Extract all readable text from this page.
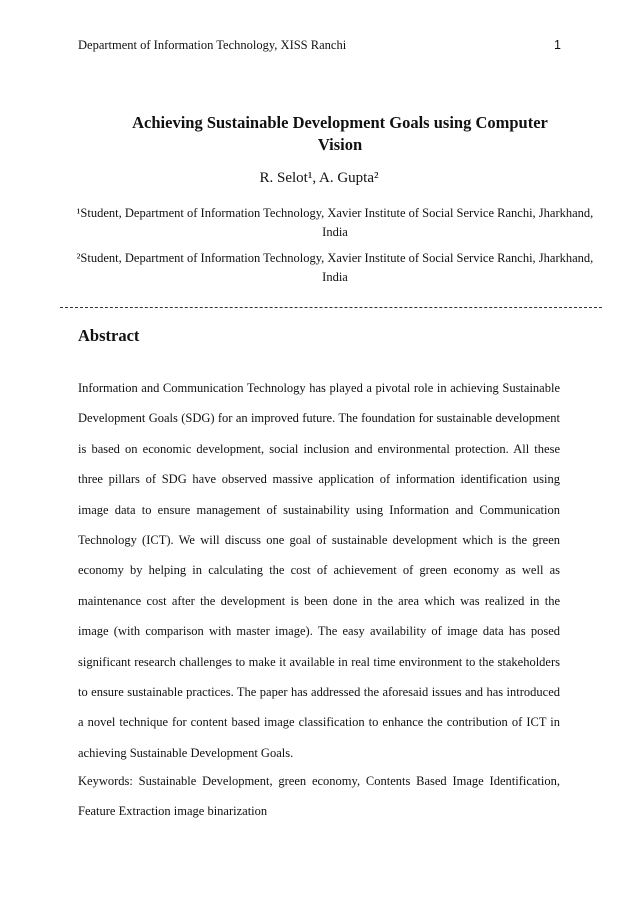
Department of Information Technology, XISS Ranchi	1
Achieving Sustainable Development Goals using Computer Vision
R. Selot¹, A. Gupta²
¹Student, Department of Information Technology, Xavier Institute of Social Service Ranchi, Jharkhand, India
²Student, Department of Information Technology, Xavier Institute of Social Service Ranchi, Jharkhand, India
Abstract

Information and Communication Technology has played a pivotal role in achieving Sustainable Development Goals (SDG) for an improved future. The foundation for sustainable development is based on economic development, social inclusion and environmental protection. All these three pillars of SDG have observed massive application of information identification using image data to ensure management of sustainability using Information and Communication Technology (ICT). We will discuss one goal of sustainable development which is the green economy by helping in calculating the cost of achievement of green economy as well as maintenance cost after the development is been done in the area which was realized in the image (with comparison with master image). The easy availability of image data has posed significant research challenges to make it available in real time environment to the stakeholders to ensure sustainable practices. The paper has addressed the aforesaid issues and has introduced a novel technique for content based image classification to enhance the contribution of ICT in achieving Sustainable Development Goals.

Keywords: Sustainable Development, green economy, Contents Based Image Identification, Feature Extraction image binarization
